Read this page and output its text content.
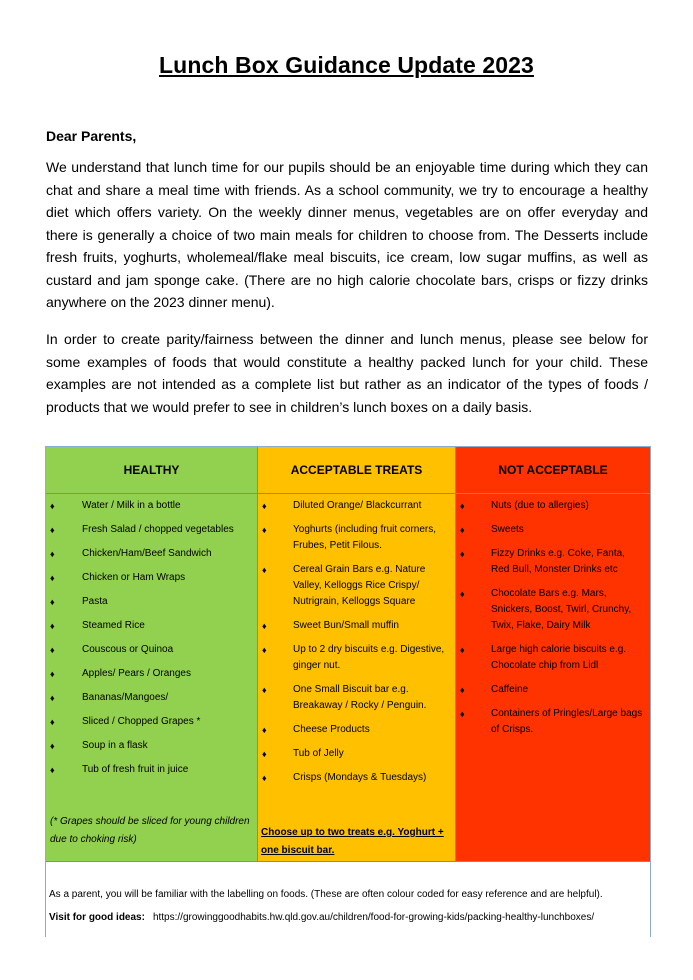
Lunch Box Guidance Update 2023
Dear Parents,
We understand that lunch time for our pupils should be an enjoyable time during which they can chat and share a meal time with friends. As a school community, we try to encourage a healthy diet which offers variety. On the weekly dinner menus, vegetables are on offer everyday and there is generally a choice of two main meals for children to choose from. The Desserts include fresh fruits, yoghurts, wholemeal/flake meal biscuits, ice cream, low sugar muffins, as well as custard and jam sponge cake. (There are no high calorie chocolate bars, crisps or fizzy drinks anywhere on the 2023 dinner menu).
In order to create parity/fairness between the dinner and lunch menus, please see below for some examples of foods that would constitute a healthy packed lunch for your child. These examples are not intended as a complete list but rather as an indicator of the types of foods / products that we would prefer to see in children’s lunch boxes on a daily basis.
HEALTHY
♦	Water / Milk in a bottle
♦	Fresh Salad / chopped vegetables
♦	Chicken/Ham/Beef Sandwich
♦	Chicken or Ham Wraps
♦	Pasta
♦	Steamed Rice
♦	Couscous or Quinoa
♦	Apples/ Pears / Oranges
♦	Bananas/Mangoes/
♦	Sliced / Chopped Grapes *
♦	Soup in a flask
♦	Tub of fresh fruit in juice
(* Grapes should be sliced for young children due to choking risk)
ACCEPTABLE TREATS
♦	Diluted Orange/ Blackcurrant
♦	Yoghurts (including fruit corners, Frubes, Petit Filous.
♦	Cereal Grain Bars e.g. Nature Valley, Kelloggs Rice Crispy/ Nutrigrain, Kelloggs Square
♦	Sweet Bun/Small muffin
♦	Up to 2 dry biscuits e.g. Digestive, ginger nut.
♦	One Small Biscuit bar e.g. Breakaway / Rocky / Penguin.
♦	Cheese Products
♦	Tub of Jelly
♦	Crisps (Mondays & Tuesdays)
Choose up to two treats e.g. Yoghurt + one biscuit bar.
NOT ACCEPTABLE
♦	Nuts (due to allergies)
♦	Sweets
♦	Fizzy Drinks e.g. Coke, Fanta, Red Bull, Monster Drinks etc
♦	Chocolate Bars e.g. Mars, Snickers, Boost, Twirl, Crunchy, Twix, Flake, Dairy Milk
♦	Large high calorie biscuits e.g. Chocolate chip from Lidl
♦	Caffeine
♦	Containers of Pringles/Large bags of Crisps.
As a parent, you will be familiar with the labelling on foods. (These are often colour coded for easy reference and are helpful).
Visit for good ideas: https://growinggoodhabits.hw.qld.gov.au/children/food-for-growing-kids/packing-healthy-lunchboxes/
